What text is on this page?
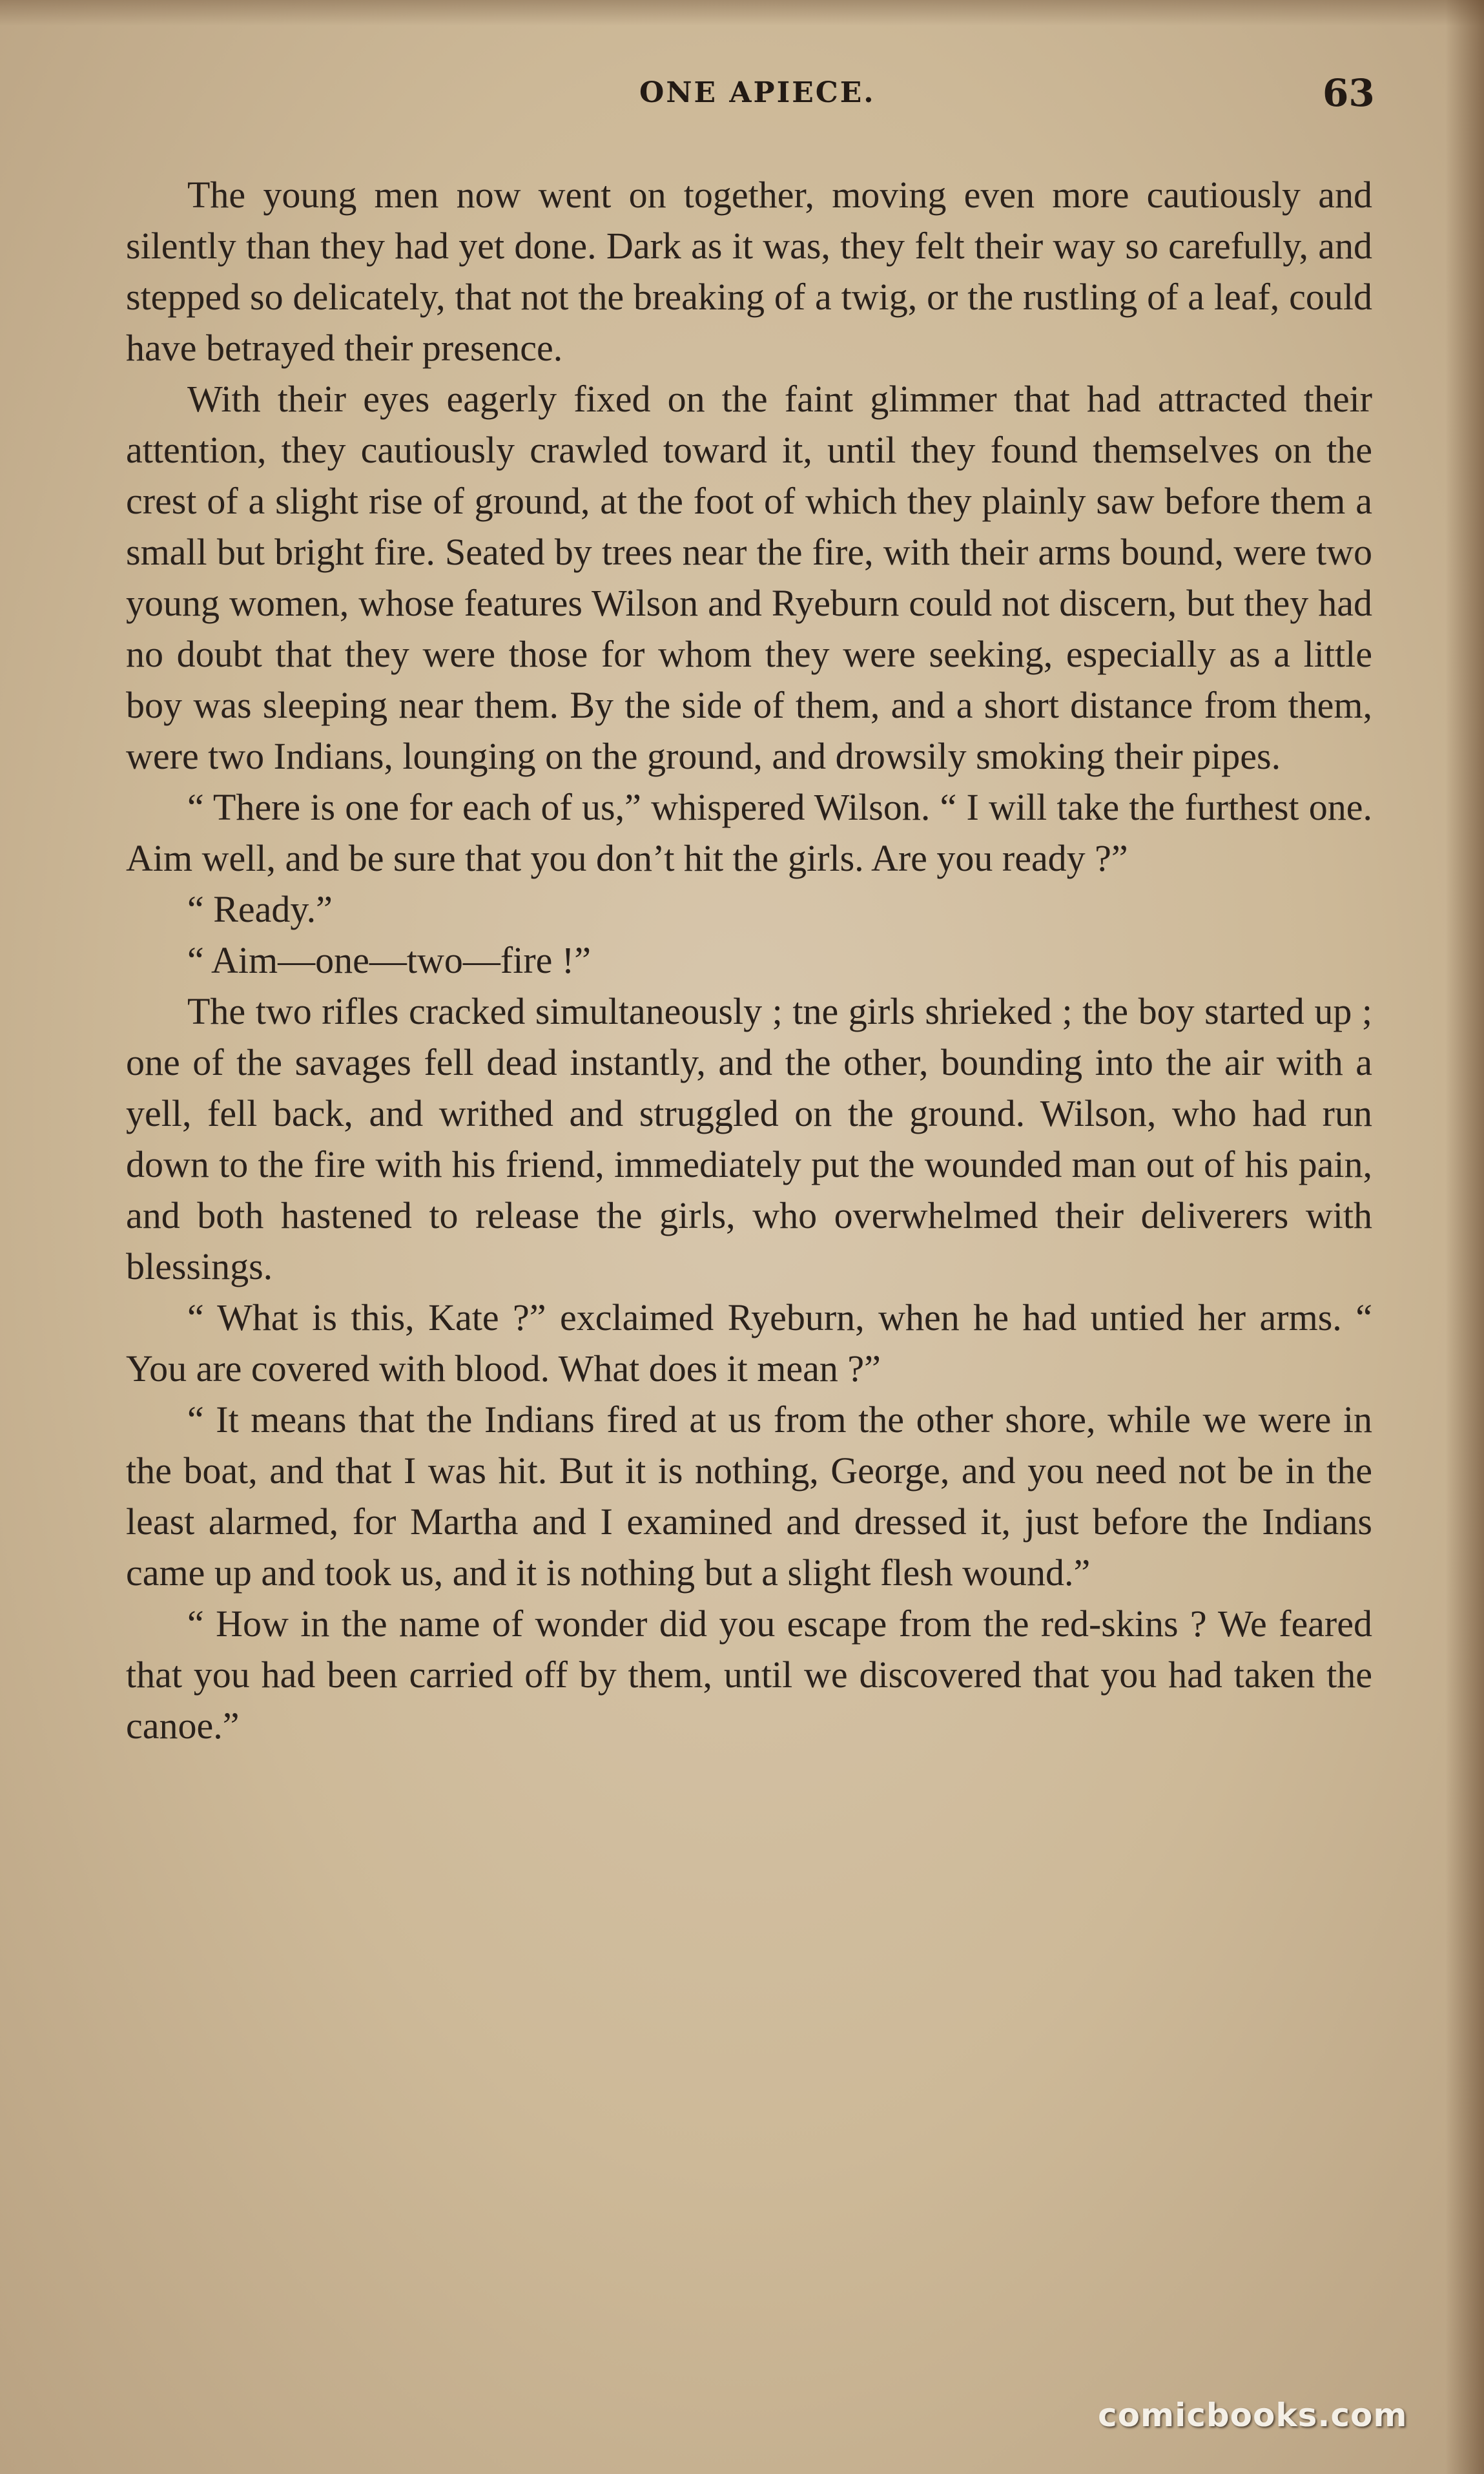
ONE APIECE.	63

The young men now went on together, moving even more cautiously and silently than they had yet done. Dark as it was, they felt their way so carefully, and stepped so delicately, that not the breaking of a twig, or the rustling of a leaf, could have betrayed their presence.

With their eyes eagerly fixed on the faint glimmer that had attracted their attention, they cautiously crawled toward it, until they found themselves on the crest of a slight rise of ground, at the foot of which they plainly saw before them a small but bright fire. Seated by trees near the fire, with their arms bound, were two young women, whose features Wilson and Ryeburn could not discern, but they had no doubt that they were those for whom they were seeking, especially as a little boy was sleeping near them. By the side of them, and a short distance from them, were two Indians, lounging on the ground, and drowsily smoking their pipes.

“ There is one for each of us,” whispered Wilson. “ I will take the furthest one. Aim well, and be sure that you don’t hit the girls. Are you ready ?”

“ Ready.”

“ Aim—one—two—fire !”

The two rifles cracked simultaneously ; tne girls shrieked ; the boy started up ; one of the savages fell dead instantly, and the other, bounding into the air with a yell, fell back, and writhed and struggled on the ground. Wilson, who had run down to the fire with his friend, immediately put the wounded man out of his pain, and both hastened to release the girls, who overwhelmed their deliverers with blessings.

“ What is this, Kate ?” exclaimed Ryeburn, when he had untied her arms. “ You are covered with blood. What does it mean ?”

“ It means that the Indians fired at us from the other shore, while we were in the boat, and that I was hit. But it is nothing, George, and you need not be in the least alarmed, for Martha and I examined and dressed it, just before the Indians came up and took us, and it is nothing but a slight flesh wound.”

“ How in the name of wonder did you escape from the red-skins ? We feared that you had been carried off by them, until we discovered that you had taken the canoe.”

comicbooks.com
